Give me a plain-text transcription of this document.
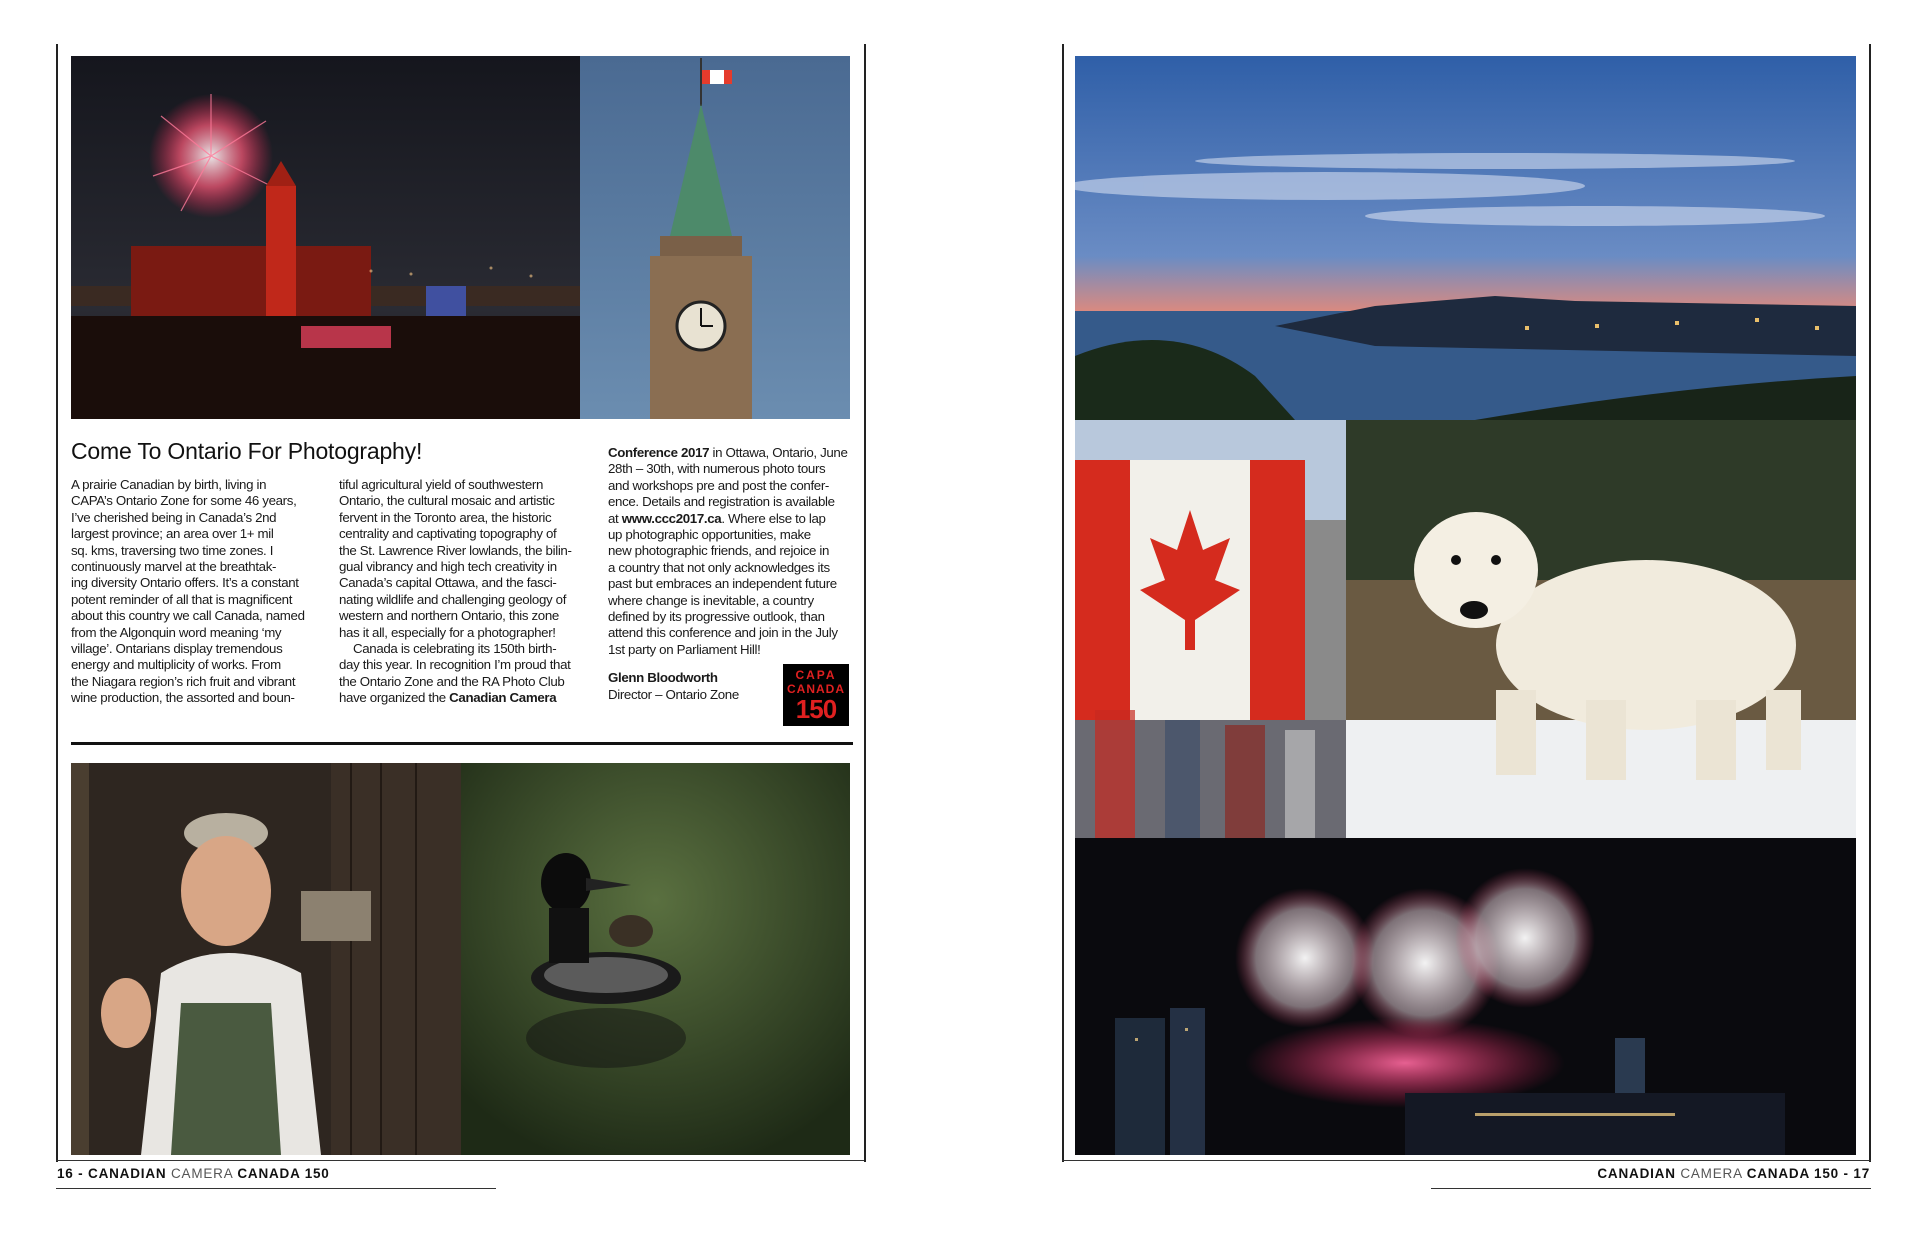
Come To Ontario For Photography!

A prairie Canadian by birth, living in

CAPA’s Ontario Zone for some 46 years,

I’ve cherished being in Canada’s 2nd

largest province; an area over 1+ mil

sq. kms, traversing two time zones. I

continuously marvel at the breathtak-

ing diversity Ontario offers. It’s a constant

potent reminder of all that is magnificent

about this country we call Canada, named

from the Algonquin word meaning ‘my

village’. Ontarians display tremendous

energy and multiplicity of works. From

the Niagara region’s rich fruit and vibrant

wine production, the assorted and boun-

tiful agricultural yield of southwestern

Ontario, the cultural mosaic and artistic

fervent in the Toronto area, the historic

centrality and captivating topography of

the St. Lawrence River lowlands, the bilin-

gual vibrancy and high tech creativity in

Canada’s capital Ottawa, and the fasci-

nating wildlife and challenging geology of

western and northern Ontario, this zone

has it all, especially for a photographer!

Canada is celebrating its 150th birth-

day this year. In recognition I’m proud that

the Ontario Zone and the RA Photo Club

have organized the Canadian Camera

Conference 2017 in Ottawa, Ontario, June

28th – 30th, with numerous photo tours

and workshops pre and post the confer-

ence. Details and registration is available

at www.ccc2017.ca. Where else to lap

up photographic opportunities, make

new photographic friends, and rejoice in

a country that not only acknowledges its

past but embraces an independent future

where change is inevitable, a country

defined by its progressive outlook, than

attend this conference and join in the July

1st party on Parliament Hill!

Glenn Bloodworth

Director – Ontario Zone

CAPA
CANADA
150
16 - CANADIAN CAMERA CANADA 150	CANADIAN CAMERA CANADA 150 - 17
